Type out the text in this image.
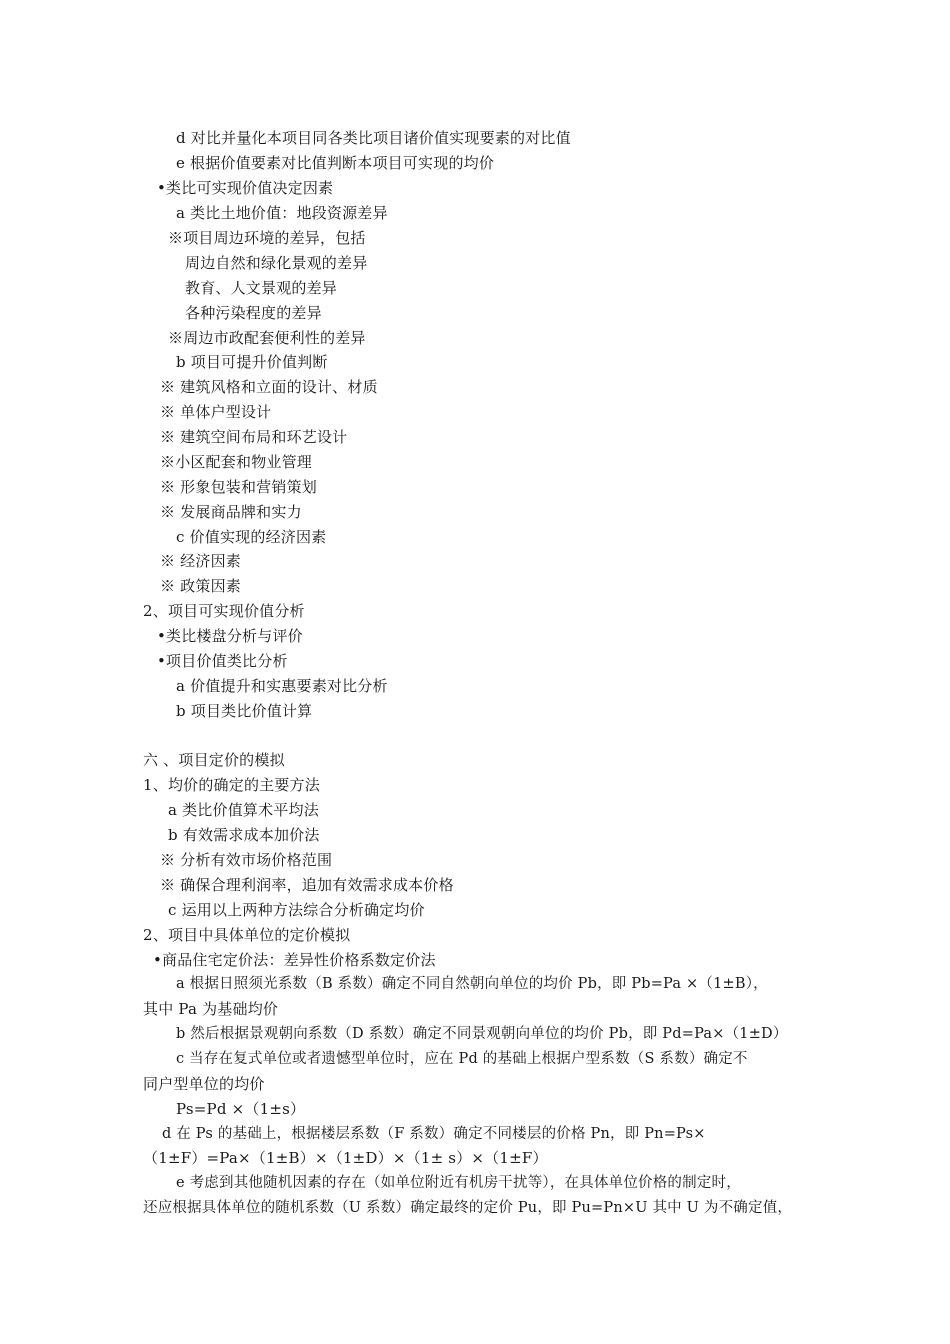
d 对比并量化本项目同各类比项目诸价值实现要素的对比值
e 根据价值要素对比值判断本项目可实现的均价
•类比可实现价值决定因素
a 类比土地价值：地段资源差异
※项目周边环境的差异，包括
周边自然和绿化景观的差异
教育、人文景观的差异
各种污染程度的差异
※周边市政配套便利性的差异
b 项目可提升价值判断
※ 建筑风格和立面的设计、材质
※ 单体户型设计
※ 建筑空间布局和环艺设计
※小区配套和物业管理
※ 形象包装和营销策划
※ 发展商品牌和实力
c 价值实现的经济因素
※ 经济因素
※ 政策因素
2、项目可实现价值分析
•类比楼盘分析与评价
•项目价值类比分析
a 价值提升和实惠要素对比分析
b 项目类比价值计算
六 、项目定价的模拟
1、均价的确定的主要方法
a 类比价值算术平均法
b 有效需求成本加价法
※ 分析有效市场价格范围
※ 确保合理利润率，追加有效需求成本价格
c 运用以上两种方法综合分析确定均价
2、项目中具体单位的定价模拟
•商品住宅定价法：差异性价格系数定价法
a 根据日照须光系数（B 系数）确定不同自然朝向单位的均价 Pb，即 Pb=Pa ×（1±B），
其中 Pa 为基础均价
b 然后根据景观朝向系数（D 系数）确定不同景观朝向单位的均价 Pb，即 Pd=Pa×（1±D）
c 当存在复式单位或者遗憾型单位时，应在 Pd 的基础上根据户型系数（S 系数）确定不
同户型单位的均价
Ps=Pd ×（1±s）
d 在 Ps 的基础上，根据楼层系数（F 系数）确定不同楼层的价格 Pn，即 Pn=Ps×
（1±F）=Pa×（1±B）×（1±D）×（1± s）×（1±F）
e 考虑到其他随机因素的存在（如单位附近有机房干扰等），在具体单位价格的制定时，
还应根据具体单位的随机系数（U 系数）确定最终的定价 Pu，即 Pu=Pn×U 其中 U 为不确定值，
